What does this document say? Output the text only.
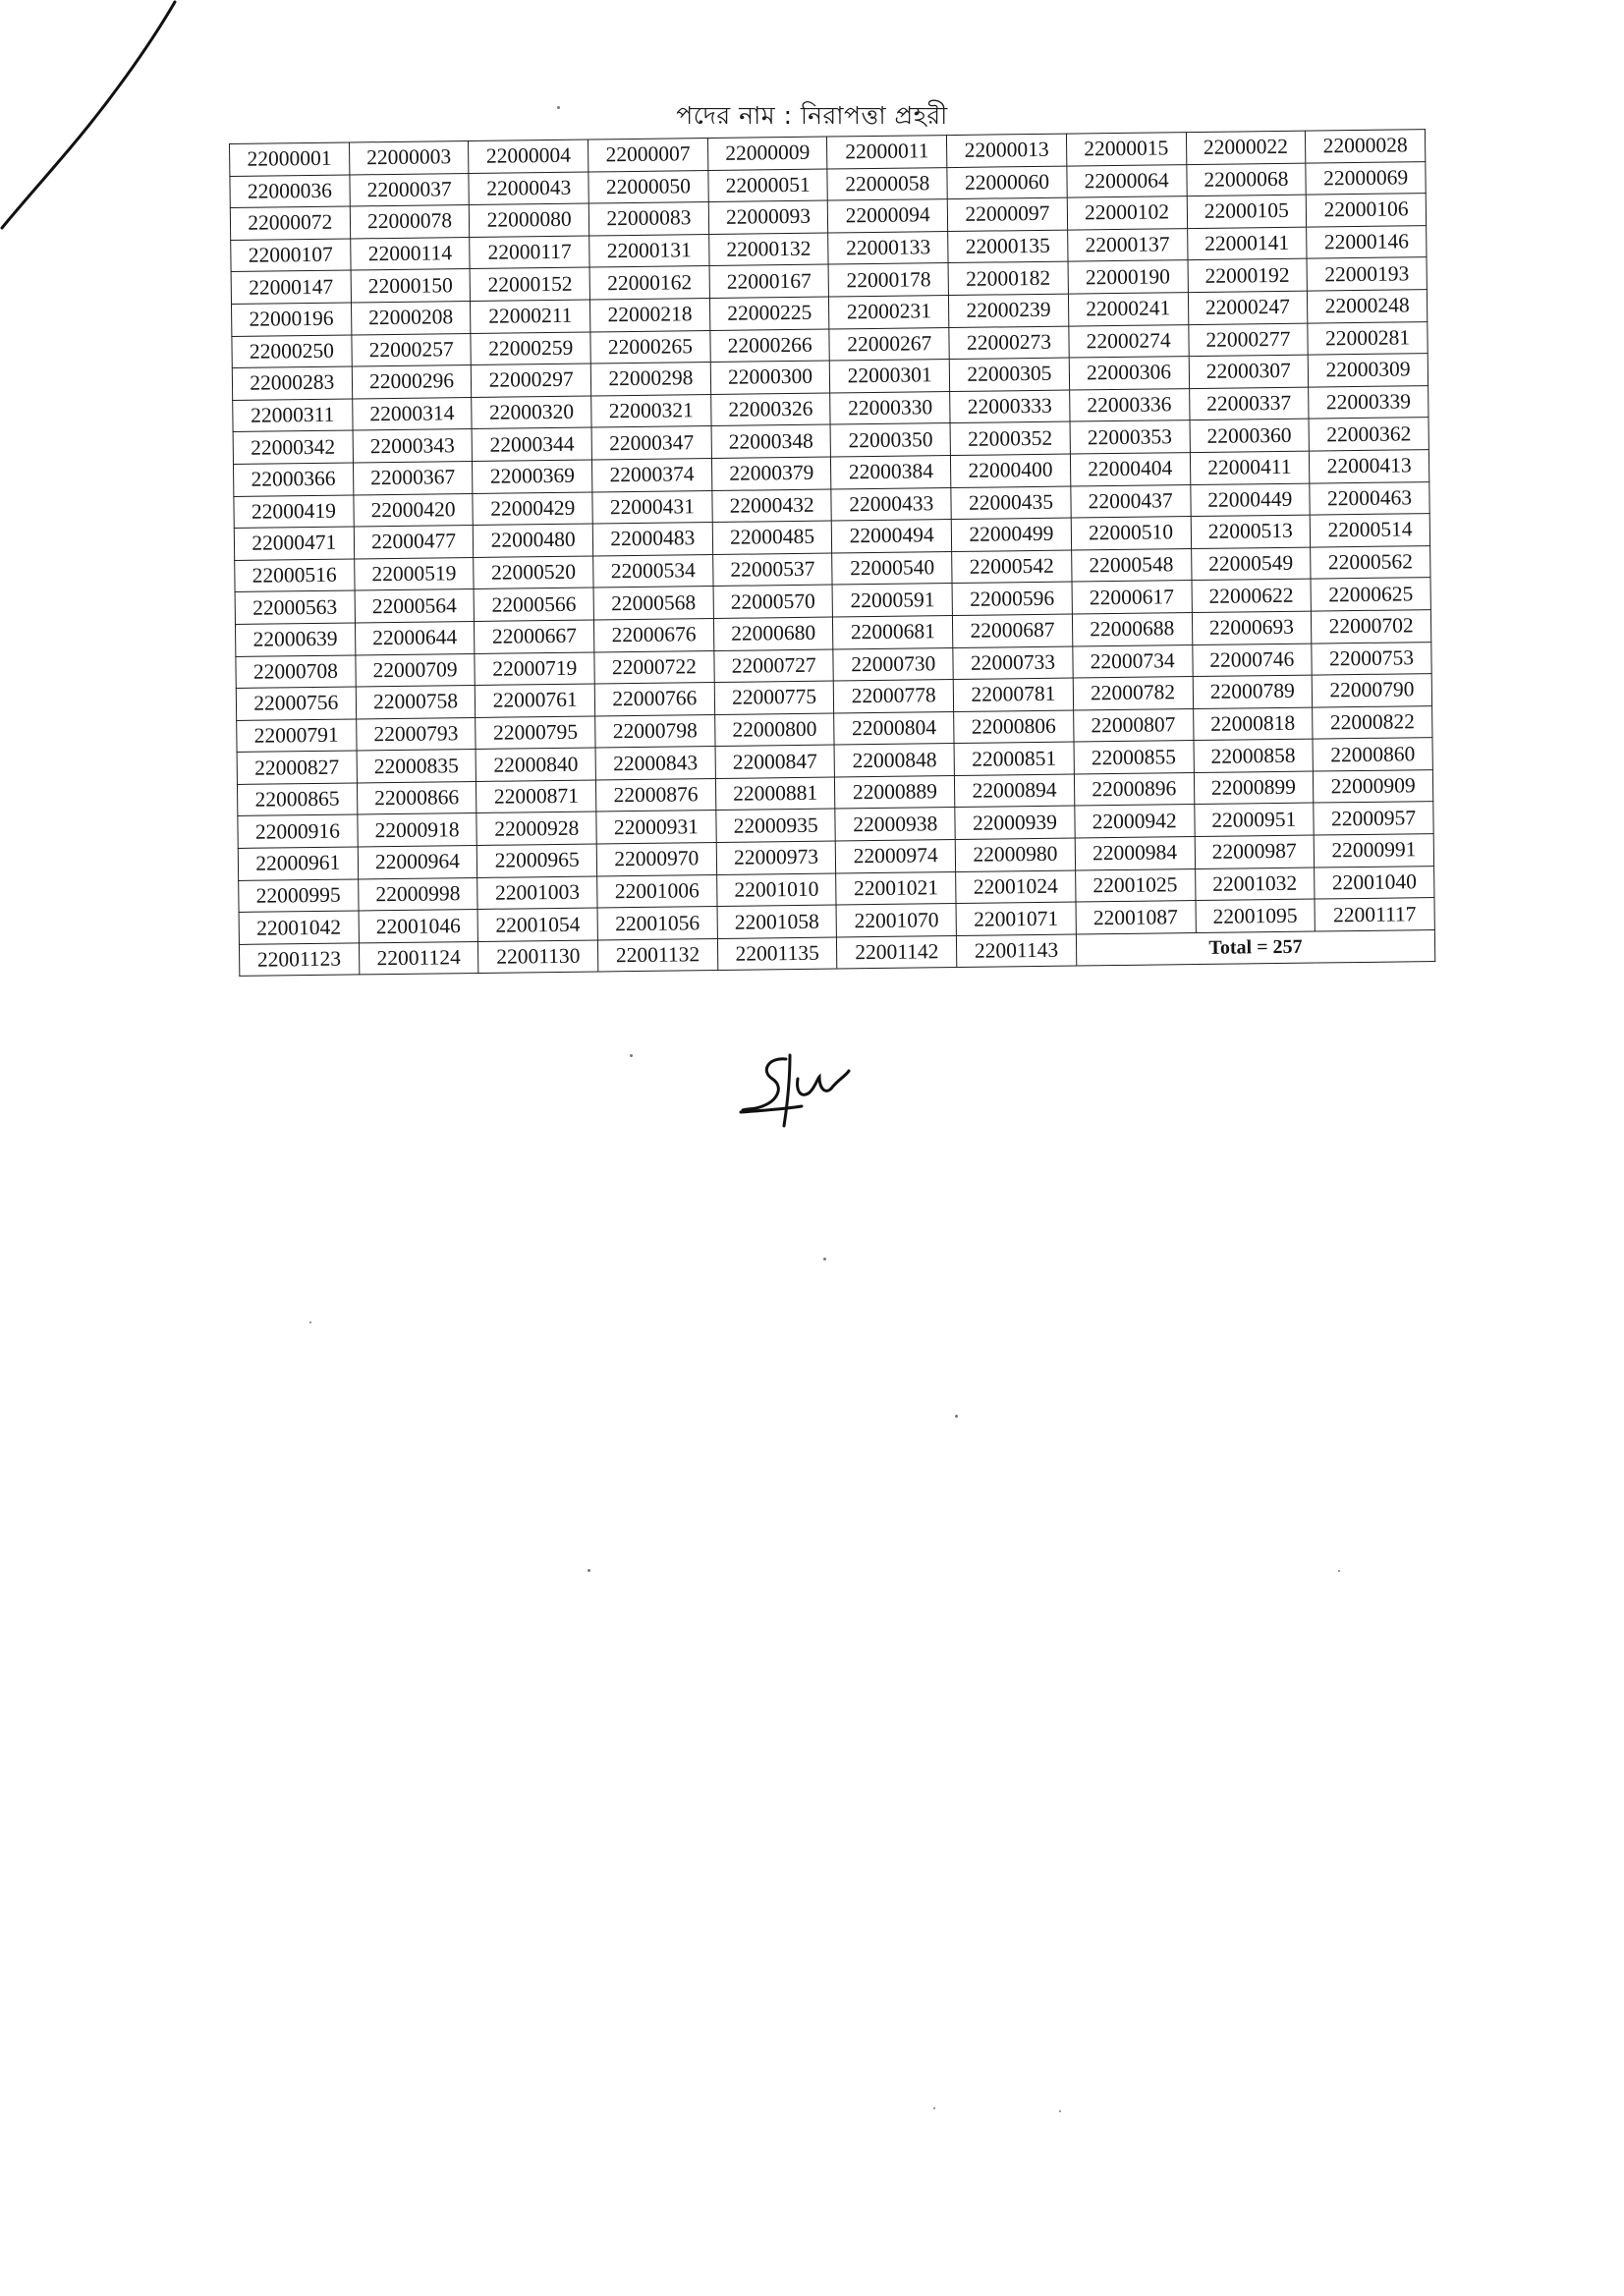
পদের নাম : নিরাপত্তা প্রহরী
22000001	22000003	22000004	22000007	22000009	22000011	22000013	22000015	22000022	22000028
22000036	22000037	22000043	22000050	22000051	22000058	22000060	22000064	22000068	22000069
22000072	22000078	22000080	22000083	22000093	22000094	22000097	22000102	22000105	22000106
22000107	22000114	22000117	22000131	22000132	22000133	22000135	22000137	22000141	22000146
22000147	22000150	22000152	22000162	22000167	22000178	22000182	22000190	22000192	22000193
22000196	22000208	22000211	22000218	22000225	22000231	22000239	22000241	22000247	22000248
22000250	22000257	22000259	22000265	22000266	22000267	22000273	22000274	22000277	22000281
22000283	22000296	22000297	22000298	22000300	22000301	22000305	22000306	22000307	22000309
22000311	22000314	22000320	22000321	22000326	22000330	22000333	22000336	22000337	22000339
22000342	22000343	22000344	22000347	22000348	22000350	22000352	22000353	22000360	22000362
22000366	22000367	22000369	22000374	22000379	22000384	22000400	22000404	22000411	22000413
22000419	22000420	22000429	22000431	22000432	22000433	22000435	22000437	22000449	22000463
22000471	22000477	22000480	22000483	22000485	22000494	22000499	22000510	22000513	22000514
22000516	22000519	22000520	22000534	22000537	22000540	22000542	22000548	22000549	22000562
22000563	22000564	22000566	22000568	22000570	22000591	22000596	22000617	22000622	22000625
22000639	22000644	22000667	22000676	22000680	22000681	22000687	22000688	22000693	22000702
22000708	22000709	22000719	22000722	22000727	22000730	22000733	22000734	22000746	22000753
22000756	22000758	22000761	22000766	22000775	22000778	22000781	22000782	22000789	22000790
22000791	22000793	22000795	22000798	22000800	22000804	22000806	22000807	22000818	22000822
22000827	22000835	22000840	22000843	22000847	22000848	22000851	22000855	22000858	22000860
22000865	22000866	22000871	22000876	22000881	22000889	22000894	22000896	22000899	22000909
22000916	22000918	22000928	22000931	22000935	22000938	22000939	22000942	22000951	22000957
22000961	22000964	22000965	22000970	22000973	22000974	22000980	22000984	22000987	22000991
22000995	22000998	22001003	22001006	22001010	22001021	22001024	22001025	22001032	22001040
22001042	22001046	22001054	22001056	22001058	22001070	22001071	22001087	22001095	22001117
22001123	22001124	22001130	22001132	22001135	22001142	22001143	Total = 257		
